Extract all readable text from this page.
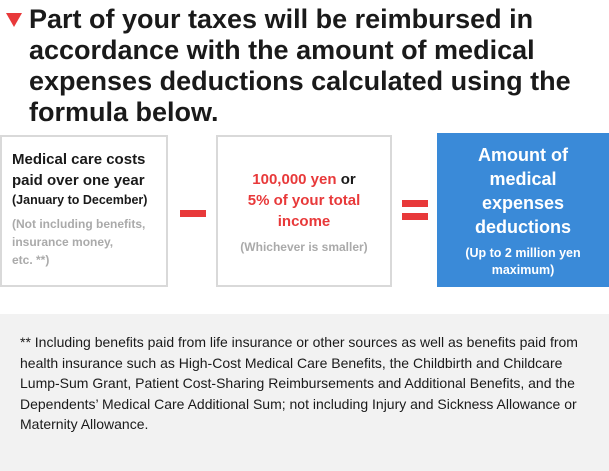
Part of your taxes will be reimbursed in accordance with the amount of medical expenses deductions calculated using the formula below.
Medical care costs
paid over one year
(January to December)
(Not including benefits,
insurance money,
etc. **)
100,000 yen or
5% of your total
income
(Whichever is smaller)
Amount of
medical
expenses
deductions
(Up to 2 million yen
maximum)

** Including benefits paid from life insurance or other sources as well as benefits paid from health insurance such as High-Cost Medical Care Benefits, the Childbirth and Childcare Lump-Sum Grant, Patient Cost-Sharing Reimbursements and Additional Benefits, and the Dependents’ Medical Care Additional Sum; not including Injury and Sickness Allowance or Maternity Allowance.
